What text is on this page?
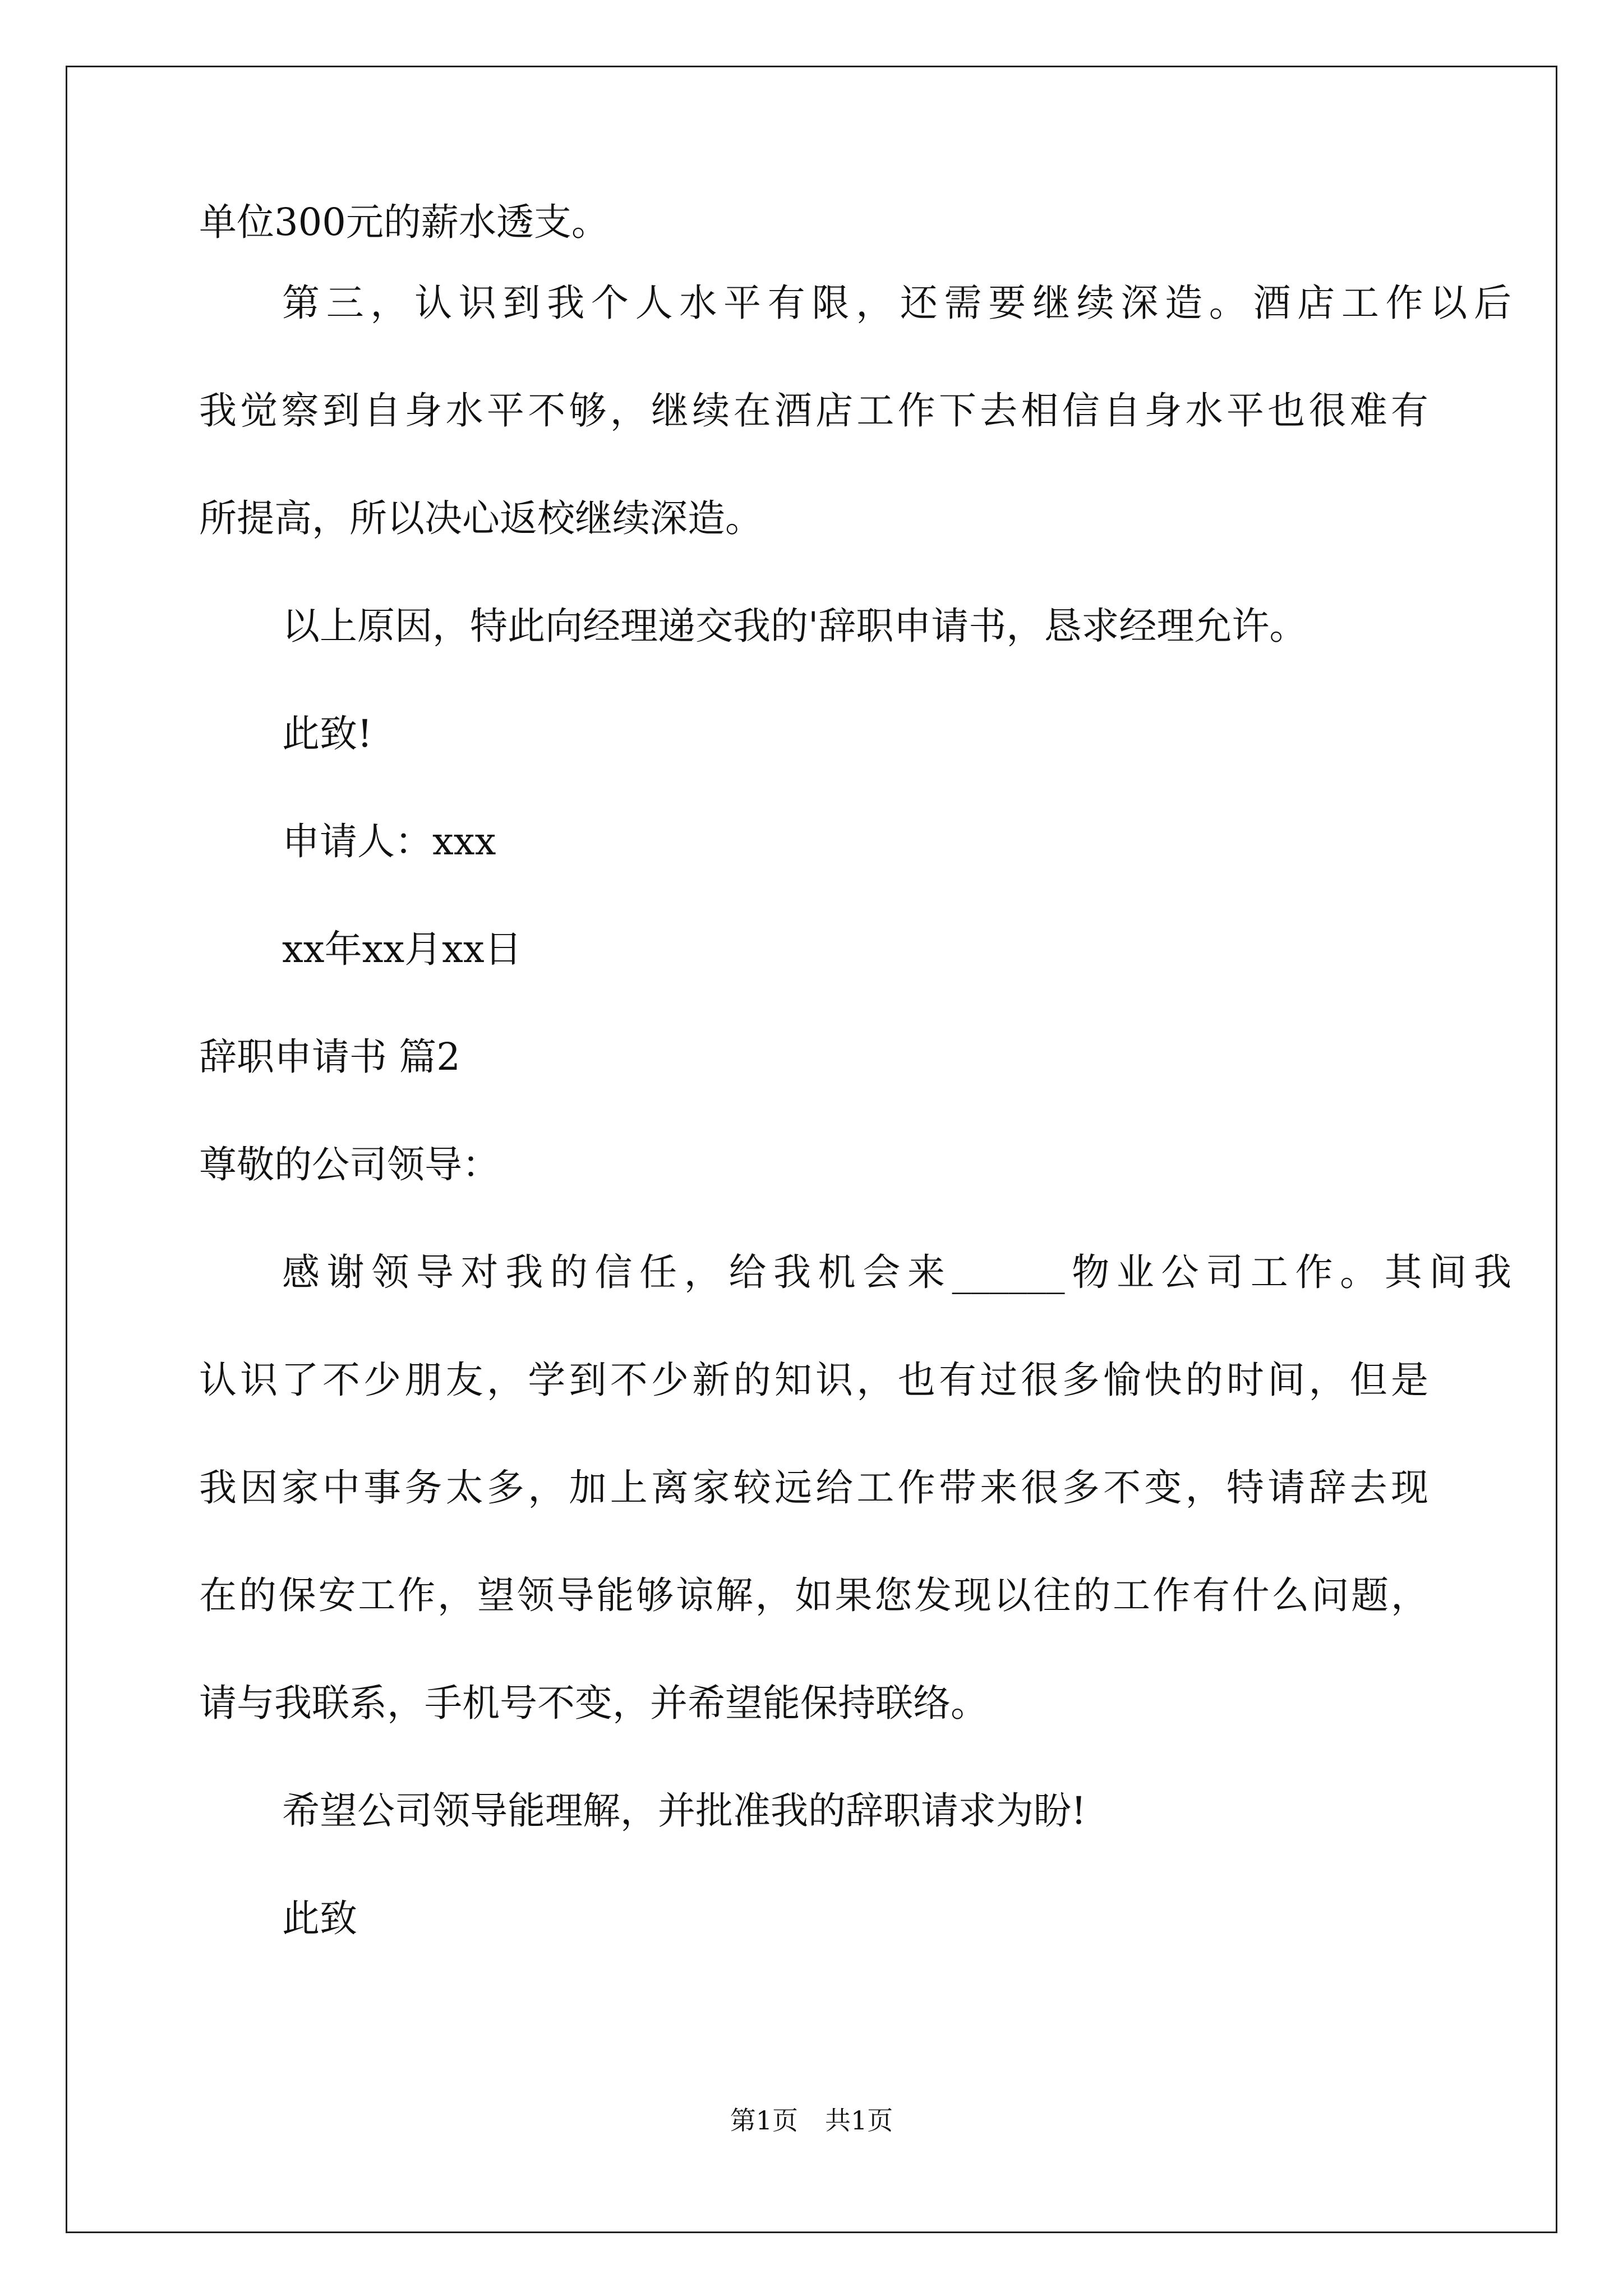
单位300元的薪水透支。
第三，认识到我个人水平有限，还需要继续深造。酒店工作以后
我觉察到自身水平不够，继续在酒店工作下去相信自身水平也很难有
所提高，所以决心返校继续深造。
以上原因，特此向经理递交我的'辞职申请书，恳求经理允许。
此致!
申请人：xxx
xx年xx月xx日
辞职申请书 篇2
尊敬的公司领导：
感谢领导对我的信任，给我机会来______物业公司工作。其间我
认识了不少朋友，学到不少新的知识，也有过很多愉快的时间，但是
我因家中事务太多，加上离家较远给工作带来很多不变，特请辞去现
在的保安工作，望领导能够谅解，如果您发现以往的工作有什么问题，
请与我联系，手机号不变，并希望能保持联络。
希望公司领导能理解，并批准我的辞职请求为盼!
此致
第1页 共1页
